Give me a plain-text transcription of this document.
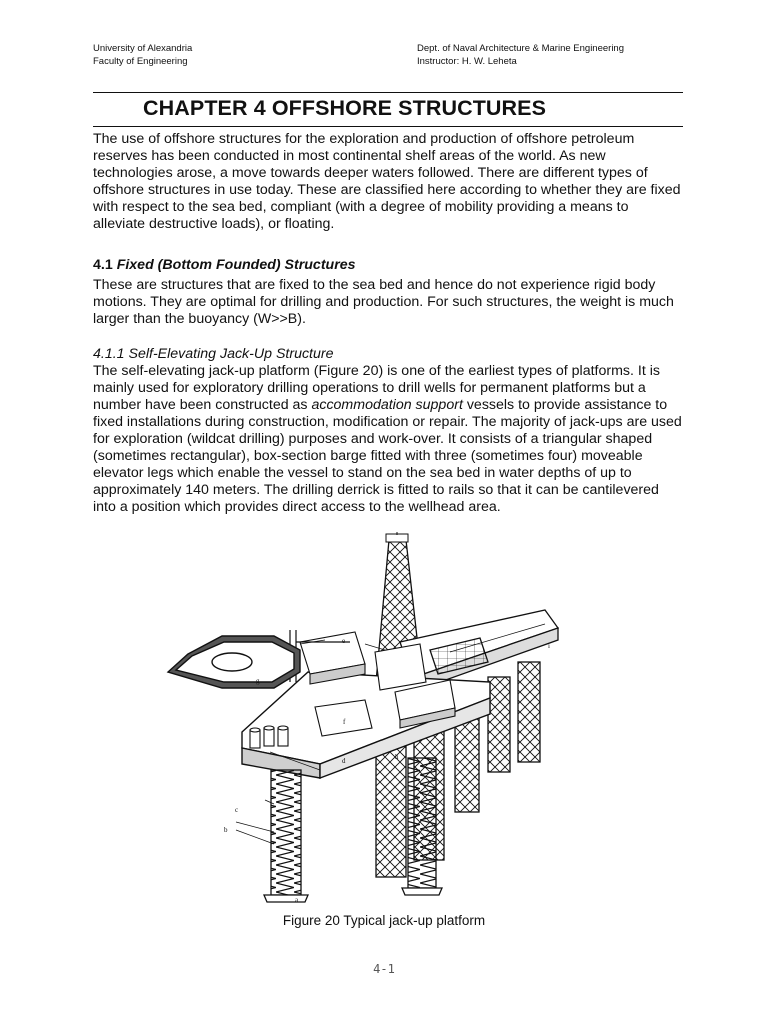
University of Alexandria
Faculty of Engineering
Dept. of Naval Architecture & Marine Engineering
Instructor: H. W. Leheta
CHAPTER 4 OFFSHORE STRUCTURES

The use of offshore structures for the exploration and production of offshore petroleum reserves has been conducted in most continental shelf areas of the world. As new technologies arose, a move towards deeper waters followed. There are different types of offshore structures in use today. These are classified here according to whether they are fixed with respect to the sea bed, compliant (with a degree of mobility providing a means to alleviate destructive loads), or floating.

4.1 Fixed (Bottom Founded) Structures

These are structures that are fixed to the sea bed and hence do not experience rigid body motions. They are optimal for drilling and production. For such structures, the weight is much larger than the buoyancy (W>>B).

4.1.1 Self-Elevating Jack-Up Structure

The self-elevating jack-up platform (Figure 20) is one of the earliest types of platforms. It is mainly used for exploratory drilling operations to drill wells for permanent platforms but a number have been constructed as accommodation support vessels to provide assistance to fixed installations during construction, modification or repair. The majority of jack-ups are used for exploration (wildcat drilling) purposes and work-over. It consists of a triangular shaped (sometimes rectangular), box-section barge fitted with three (sometimes four) moveable elevator legs which enable the vessel to stand on the sea bed in water depths of up to approximately 140 meters. The drilling derrick is fitted to rails so that it can be cantilevered into a position which provides direct access to the wellhead area.

e
g
f
d	h
c
b
a
i
Figure 20 Typical jack-up platform
4-1
